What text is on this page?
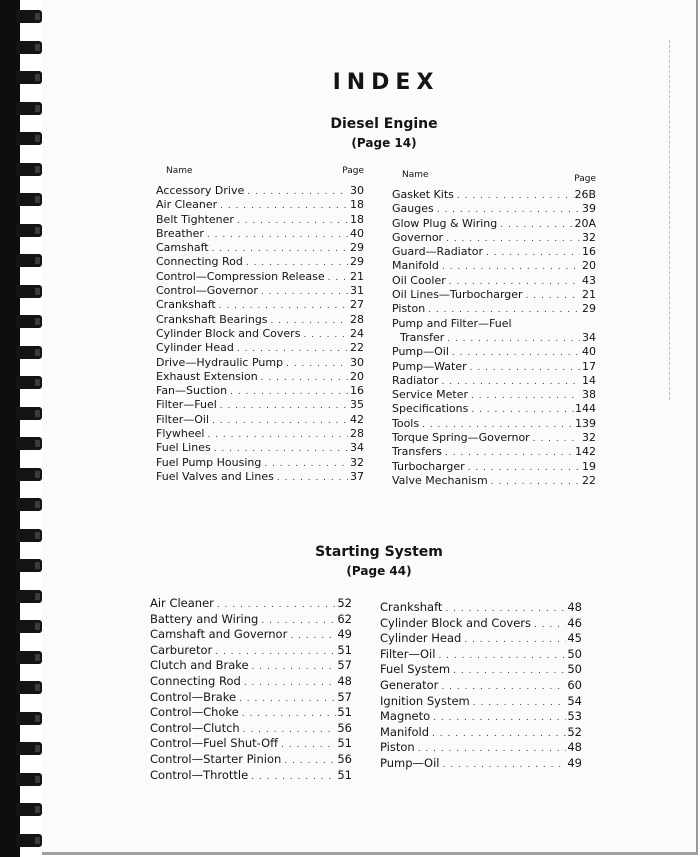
INDEX
Diesel Engine
(Page 14)
Name	Page
Accessory Drive . . .	30
Air Cleaner . . .	18
Belt Tightener . . .	18
Breather . . .	40
Camshaft . . .	29
Connecting Rod . . .	29
Control—Compression Release . . . 21
Control—Governor . . .	31
Crankshaft . . .	27
Crankshaft Bearings . . .	28
Cylinder Block and Covers . . .	24
Cylinder Head . . .	22
Drive—Hydraulic Pump . . .	30
Exhaust Extension . . .	20
Fan—Suction . . .	16
Filter—Fuel . . .	35
Filter—Oil . . .	42
Flywheel . . .	28
Fuel Lines . . .	34
Fuel Pump Housing . . .	32
Fuel Valves and Lines . . .	37
Name	Page
Gasket Kits . . .	26B
Gauges . . .	39
Glow Plug & Wiring . . .	20A
Governor . . .	32
Guard—Radiator . . .	16
Manifold . . .	20
Oil Cooler . . .	43
Oil Lines—Turbocharger . . .	21
Piston . . .	29
Pump and Filter—Fuel
Transfer . . .	34
Pump—Oil . . .	40
Pump—Water . . .	17
Radiator . . .	14
Service Meter . . .	38
Specifications . . .	144
Tools . . .	139
Torque Spring—Governor . . .	32
Transfers . . .	142
Turbocharger . . .	19
Valve Mechanism . . .	22
Starting System
(Page 44)
Air Cleaner . . .	52
Battery and Wiring . . .	62
Camshaft and Governor . . .	49
Carburetor . . .	51
Clutch and Brake . . .	57
Connecting Rod . . .	48
Control—Brake . . .	57
Control—Choke . . .	51
Control—Clutch . . .	56
Control—Fuel Shut-Off . . .	51
Control—Starter Pinion . . .	56
Control—Throttle . . .	51
Crankshaft . . .	48
Cylinder Block and Covers . . .	46
Cylinder Head . . .	45
Filter—Oil . . .	50
Fuel System . . .	50
Generator . . .	60
Ignition System . . .	54
Magneto . . .	53
Manifold . . .	52
Piston . . .	48
Pump—Oil . . .	49
